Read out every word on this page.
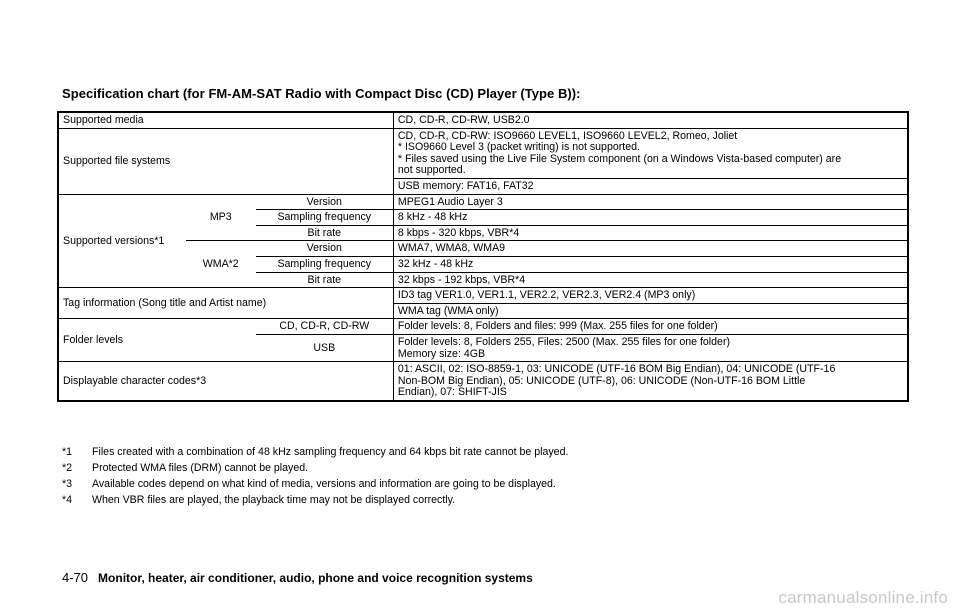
Specification chart (for FM-AM-SAT Radio with Compact Disc (CD) Player (Type B)):
Supported media			CD, CD-R, CD-RW, USB2.0
Supported file systems			CD, CD-R, CD-RW: ISO9660 LEVEL1, ISO9660 LEVEL2, Romeo, Joliet
* ISO9660 Level 3 (packet writing) is not supported.
* Files saved using the Live File System component (on a Windows Vista-based computer) are
not supported.

			USB memory: FAT16, FAT32
Supported versions*1	MP3	Version	MPEG1 Audio Layer 3
		Sampling frequency	8 kHz - 48 kHz
		Bit rate	8 kbps - 320 kbps, VBR*4
	WMA*2	Version	WMA7, WMA8, WMA9
		Sampling frequency	32 kHz - 48 kHz
		Bit rate	32 kbps - 192 kbps, VBR*4
Tag information (Song title and Artist name)			ID3 tag VER1.0, VER1.1, VER2.2, VER2.3, VER2.4 (MP3 only)
			WMA tag (WMA only)
Folder levels		CD, CD-R, CD-RW	Folder levels: 8, Folders and files: 999 (Max. 255 files for one folder)
		USB	Folder levels: 8, Folders 255, Files: 2500 (Max. 255 files for one folder)
Memory size: 4GB

Displayable character codes*3			01: ASCII, 02: ISO-8859-1, 03: UNICODE (UTF-16 BOM Big Endian), 04: UNICODE (UTF-16
Non-BOM Big Endian), 05: UNICODE (UTF-8), 06: UNICODE (Non-UTF-16 BOM Little
Endian), 07: SHIFT-JIS
*1	Files created with a combination of 48 kHz sampling frequency and 64 kbps bit rate cannot be played.
*2	Protected WMA files (DRM) cannot be played.
*3	Available codes depend on what kind of media, versions and information are going to be displayed.
*4	When VBR files are played, the playback time may not be displayed correctly.
4-70 Monitor, heater, air conditioner, audio, phone and voice recognition systems
carmanualsonline.info
